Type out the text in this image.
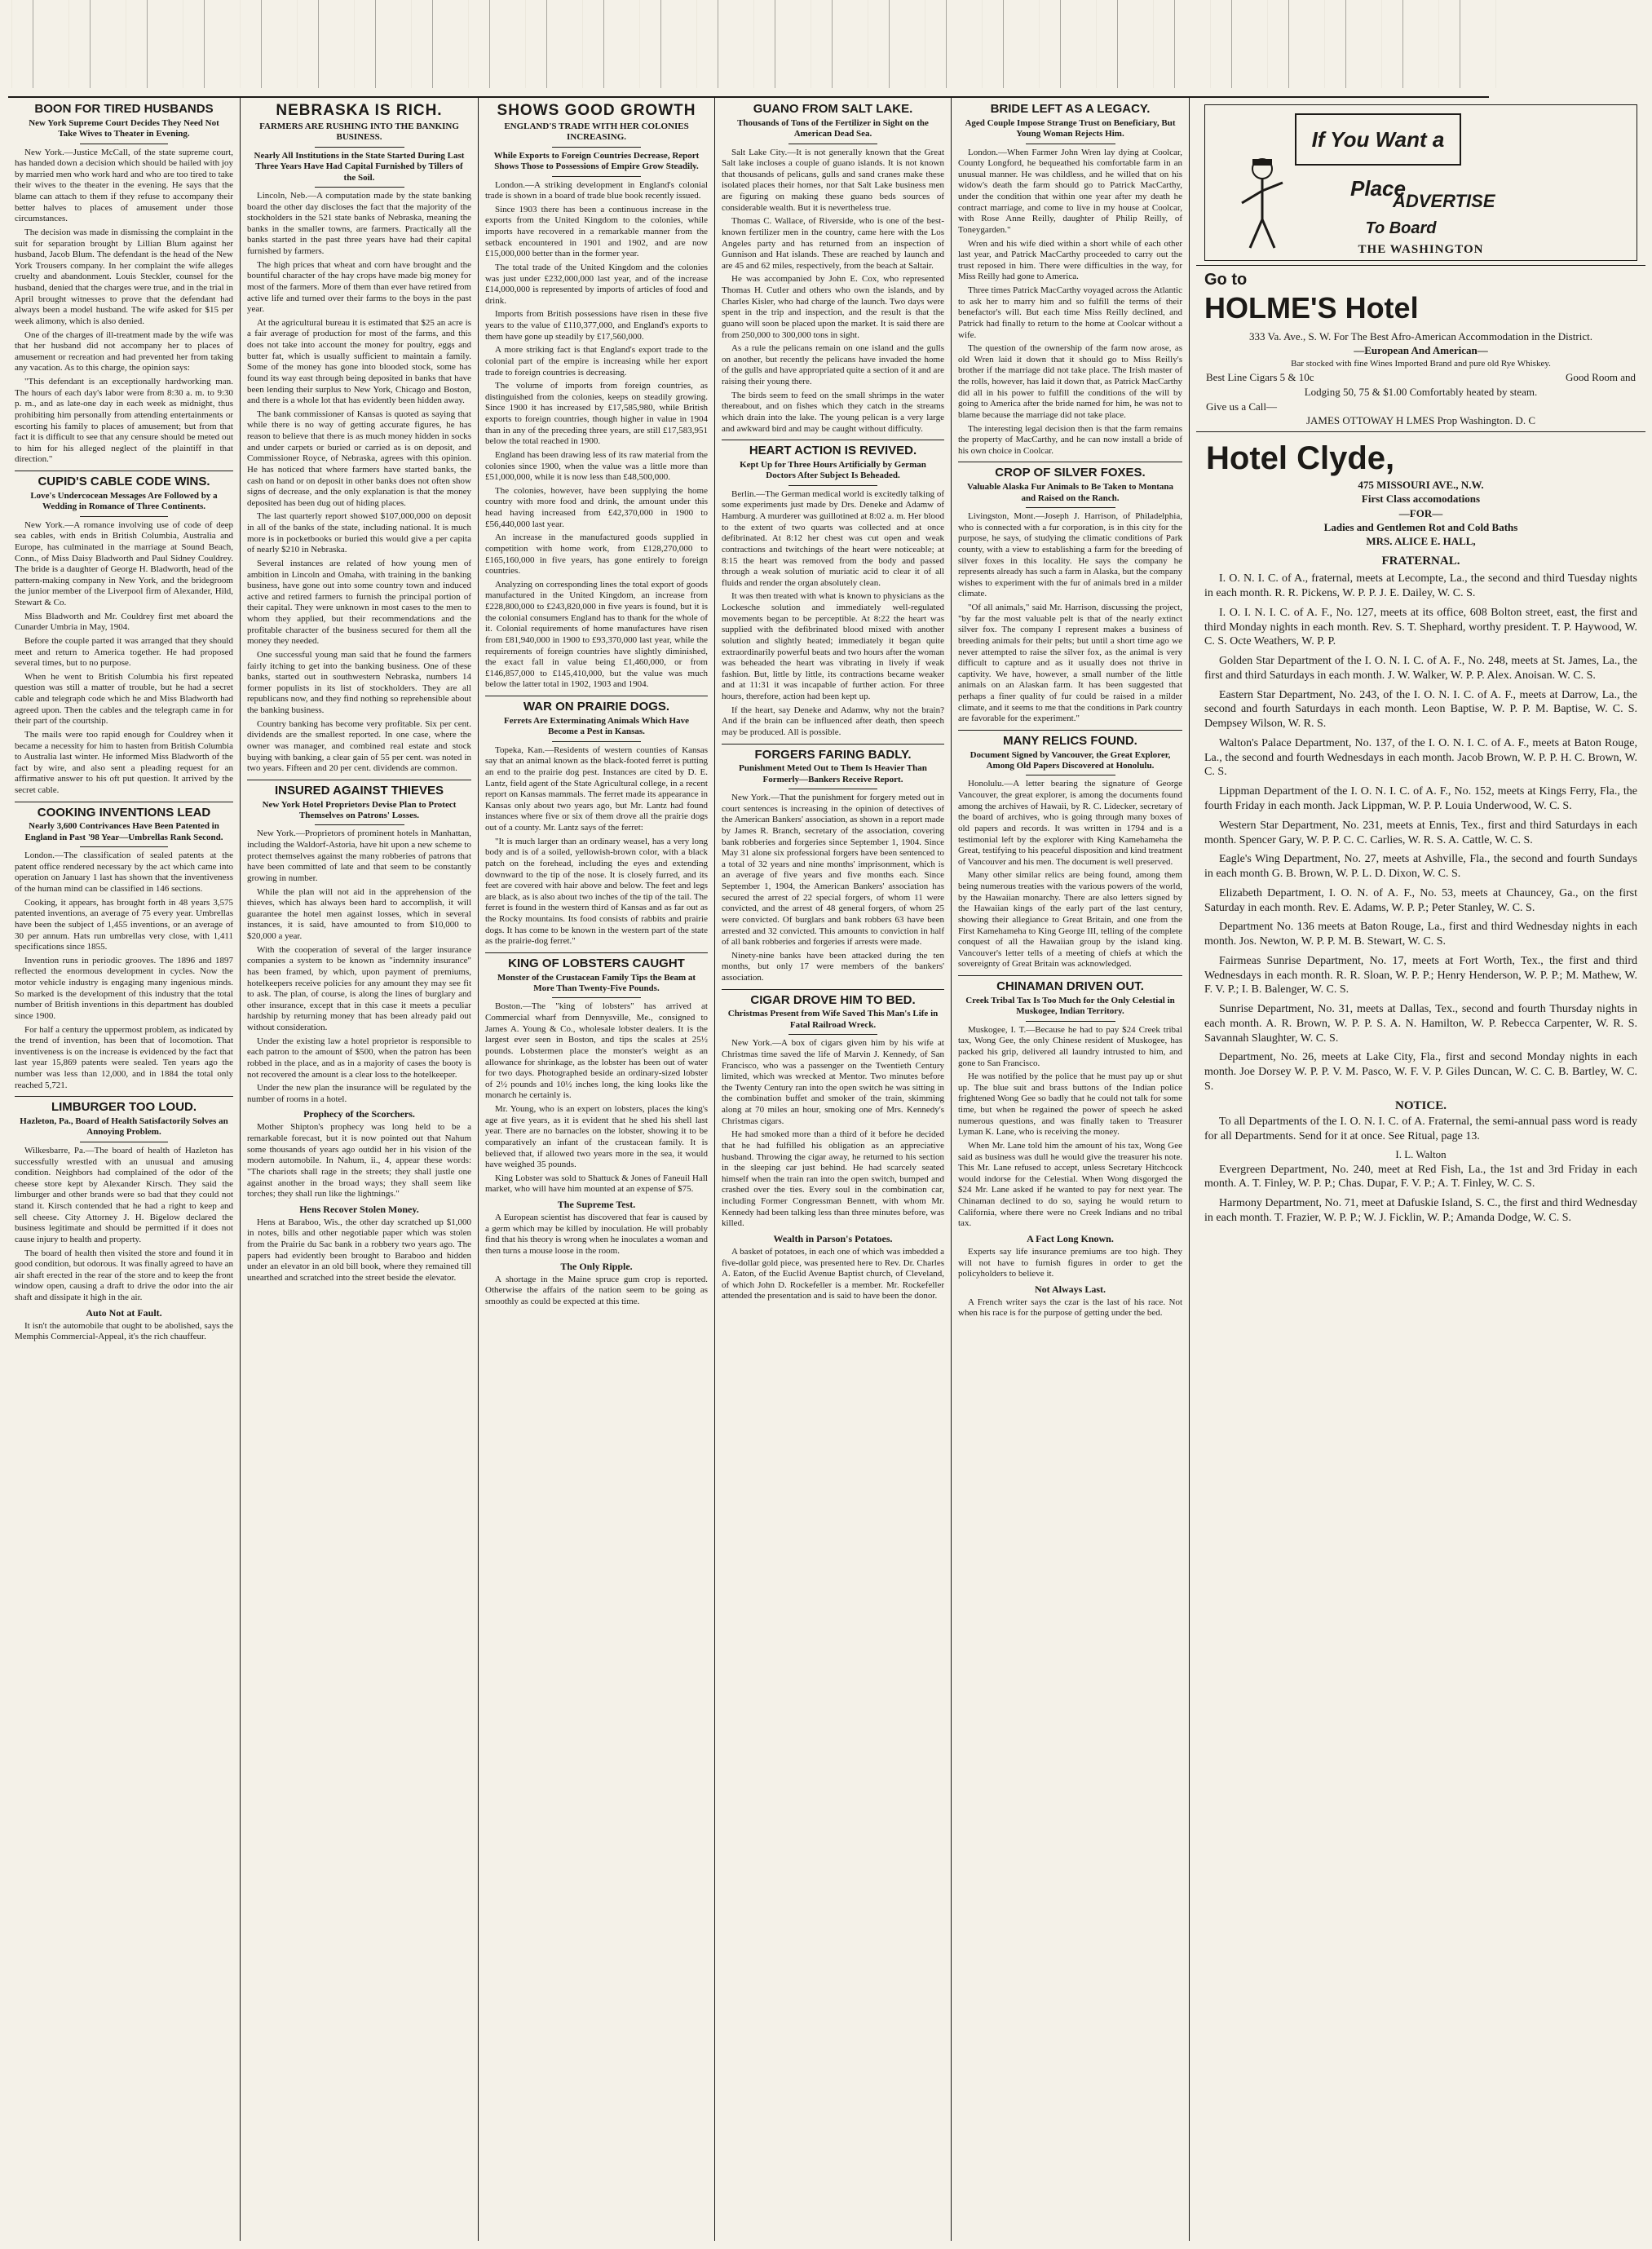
BOON FOR TIRED HUSBANDS
New York Supreme Court Decides They Need Not Take Wives to Theater in Evening.

New York.—Justice McCall, of the state supreme court, has handed down a decision which should be hailed with joy by married men who work hard and who are too tired to take their wives to the theater in the evening. He says that the blame can attach to them if they refuse to accompany their better halves to places of amusement under those circumstances.

The decision was made in dismissing the complaint in the suit for separation brought by Lillian Blum against her husband, Jacob Blum. The defendant is the head of the New York Trousers company. In her complaint the wife alleges cruelty and abandonment. Louis Steckler, counsel for the husband, denied that the charges were true, and in the trial in April brought witnesses to prove that the defendant had always been a model husband. The wife asked for $15 per week alimony, which is also denied.

One of the charges of ill-treatment made by the wife was that her husband did not accompany her to places of amusement or recreation and had prevented her from taking any vacation. As to this charge, the opinion says:

"This defendant is an exceptionally hardworking man. The hours of each day's labor were from 8:30 a. m. to 9:30 p. m., and as late-one day in each week as midnight, thus prohibiting him personally from attending entertainments or escorting his family to places of amusement; but from that fact it is difficult to see that any censure should be meted out to him for his alleged neglect of the plaintiff in that direction."

CUPID'S CABLE CODE WINS.
Love's Undercocean Messages Are Followed by a Wedding in Romance of Three Continents.

New York.—A romance involving use of code of deep sea cables, with ends in British Columbia, Australia and Europe, has culminated in the marriage at Sound Beach, Conn., of Miss Daisy Bladworth and Paul Sidney Couldrey. The bride is a daughter of George H. Bladworth, head of the pattern-making company in New York, and the bridegroom the junior member of the Liverpool firm of Alexander, Hild, Stewart & Co.

Miss Bladworth and Mr. Couldrey first met aboard the Cunarder Umbria in May, 1904.

Before the couple parted it was arranged that they should meet and return to America together. He had proposed several times, but to no purpose.

When he went to British Columbia his first repeated question was still a matter of trouble, but he had a secret cable and telegraph code which he and Miss Bladworth had agreed upon. Then the cables and the telegraph came in for their part of the courtship.

The mails were too rapid enough for Couldrey when it became a necessity for him to hasten from British Columbia to Australia last winter. He informed Miss Bladworth of the fact by wire, and also sent a pleading request for an affirmative answer to his oft put question. It arrived by the secret cable.

COOKING INVENTIONS LEAD
Nearly 3,600 Contrivances Have Been Patented in England in Past '98 Year—Umbrellas Rank Second.

London.—The classification of sealed patents at the patent office rendered necessary by the act which came into operation on January 1 last has shown that the inventiveness of the human mind can be classified in 146 sections.

Cooking, it appears, has brought forth in 48 years 3,575 patented inventions, an average of 75 every year. Umbrellas have been the subject of 1,455 inventions, or an average of 30 per annum. Hats run umbrellas very close, with 1,411 specifications since 1855.

Invention runs in periodic grooves. The 1896 and 1897 reflected the enormous development in cycles. Now the motor vehicle industry is engaging many ingenious minds. So marked is the development of this industry that the total number of British inventions in this department has doubled since 1900.

For half a century the uppermost problem, as indicated by the trend of invention, has been that of locomotion. That inventiveness is on the increase is evidenced by the fact that last year 15,869 patents were sealed. Ten years ago the number was less than 12,000, and in 1884 the total only reached 5,721.

LIMBURGER TOO LOUD.
Hazleton, Pa., Board of Health Satisfactorily Solves an Annoying Problem.

Wilkesbarre, Pa.—The board of health of Hazleton has successfully wrestled with an unusual and amusing condition. Neighbors had complained of the odor of the cheese store kept by Alexander Kirsch. They said the limburger and other brands were so bad that they could not stand it. Kirsch contended that he had a right to keep and sell cheese. City Attorney J. H. Bigelow declared the business legitimate and should be permitted if it does not cause injury to health and property.

The board of health then visited the store and found it in good condition, but odorous. It was finally agreed to have an air shaft erected in the rear of the store and to keep the front window open, causing a draft to drive the odor into the air shaft and dissipate it high in the air.

Auto Not at Fault.

It isn't the automobile that ought to be abolished, says the Memphis Commercial-Appeal, it's the rich chauffeur.

NEBRASKA IS RICH.
FARMERS ARE RUSHING INTO THE BANKING BUSINESS.
Nearly All Institutions in the State Started During Last Three Years Have Had Capital Furnished by Tillers of the Soil.

Lincoln, Neb.—A computation made by the state banking board the other day discloses the fact that the majority of the stockholders in the 521 state banks of Nebraska, meaning the banks in the smaller towns, are farmers. Practically all the banks started in the past three years have had their capital furnished by farmers.

The high prices that wheat and corn have brought and the bountiful character of the hay crops have made big money for most of the farmers. More of them than ever have retired from active life and turned over their farms to the boys in the past year.

At the agricultural bureau it is estimated that $25 an acre is a fair average of production for most of the farms, and this does not take into account the money for poultry, eggs and butter fat, which is usually sufficient to maintain a family. Some of the money has gone into blooded stock, some has found its way east through being deposited in banks that have been lending their surplus to New York, Chicago and Boston, and there is a whole lot that has evidently been hidden away.

The bank commissioner of Kansas is quoted as saying that while there is no way of getting accurate figures, he has reason to believe that there is as much money hidden in socks and under carpets or buried or carried as is on deposit, and Commissioner Royce, of Nebraska, agrees with this opinion. He has noticed that where farmers have started banks, the cash on hand or on deposit in other banks does not often show signs of decrease, and the only explanation is that the money deposited has been dug out of hiding places.

The last quarterly report showed $107,000,000 on deposit in all of the banks of the state, including national. It is much more is in pocketbooks or buried this would give a per capita of nearly $210 in Nebraska.

Several instances are related of how young men of ambition in Lincoln and Omaha, with training in the banking business, have gone out into some country town and induced active and retired farmers to furnish the principal portion of their capital. They were unknown in most cases to the men to whom they applied, but their recommendations and the profitable character of the business secured for them all the money they needed.

One successful young man said that he found the farmers fairly itching to get into the banking business. One of these banks, started out in southwestern Nebraska, numbers 14 former populists in its list of stockholders. They are all republicans now, and they find nothing so reprehensible about the banking business.

Country banking has become very profitable. Six per cent. dividends are the smallest reported. In one case, where the owner was manager, and combined real estate and stock buying with banking, a clear gain of 55 per cent. was noted in two years. Fifteen and 20 per cent. dividends are common.

INSURED AGAINST THIEVES
New York Hotel Proprietors Devise Plan to Protect Themselves on Patrons' Losses.

New York.—Proprietors of prominent hotels in Manhattan, including the Waldorf-Astoria, have hit upon a new scheme to protect themselves against the many robberies of patrons that have been committed of late and that seem to be constantly growing in number.

While the plan will not aid in the apprehension of the thieves, which has always been hard to accomplish, it will guarantee the hotel men against losses, which in several instances, it is said, have amounted to from $10,000 to $20,000 a year.

With the cooperation of several of the larger insurance companies a system to be known as "indemnity insurance" has been framed, by which, upon payment of premiums, hotelkeepers receive policies for any amount they may see fit to ask. The plan, of course, is along the lines of burglary and other insurance, except that in this case it meets a peculiar hardship by returning money that has been already paid out without consideration.

Under the existing law a hotel proprietor is responsible to each patron to the amount of $500, when the patron has been robbed in the place, and as in a majority of cases the booty is not recovered the amount is a clear loss to the hotelkeeper.

Under the new plan the insurance will be regulated by the number of rooms in a hotel.

Prophecy of the Scorchers.

Mother Shipton's prophecy was long held to be a remarkable forecast, but it is now pointed out that Nahum some thousands of years ago outdid her in his vision of the modern automobile. In Nahum, ii., 4, appear these words: "The chariots shall rage in the streets; they shall justle one against another in the broad ways; they shall seem like torches; they shall run like the lightnings."

Hens Recover Stolen Money.

Hens at Baraboo, Wis., the other day scratched up $1,000 in notes, bills and other negotiable paper which was stolen from the Prairie du Sac bank in a robbery two years ago. The papers had evidently been brought to Baraboo and hidden under an elevator in an old bill book, where they remained till unearthed and scratched into the street beside the elevator.

SHOWS GOOD GROWTH
ENGLAND'S TRADE WITH HER COLONIES INCREASING.
While Exports to Foreign Countries Decrease, Report Shows Those to Possessions of Empire Grow Steadily.

London.—A striking development in England's colonial trade is shown in a board of trade blue book recently issued.

Since 1903 there has been a continuous increase in the exports from the United Kingdom to the colonies, while imports have recovered in a remarkable manner from the setback encountered in 1901 and 1902, and are now £15,000,000 better than in the former year.

The total trade of the United Kingdom and the colonies was just under £232,000,000 last year, and of the increase £14,000,000 is represented by imports of articles of food and drink.

Imports from British possessions have risen in these five years to the value of £110,377,000, and England's exports to them have gone up steadily by £17,560,000.

A more striking fact is that England's export trade to the colonial part of the empire is increasing while her export trade to foreign countries is decreasing.

The volume of imports from foreign countries, as distinguished from the colonies, keeps on steadily growing. Since 1900 it has increased by £17,585,980, while British exports to foreign countries, though higher in value in 1904 than in any of the preceding three years, are still £17,583,951 below the total reached in 1900.

England has been drawing less of its raw material from the colonies since 1900, when the value was a little more than £51,000,000, while it is now less than £48,500,000.

The colonies, however, have been supplying the home country with more food and drink, the amount under this head having increased from £42,370,000 in 1900 to £56,440,000 last year.

An increase in the manufactured goods supplied in competition with home work, from £128,270,000 to £165,160,000 in five years, has gone entirely to foreign countries.

Analyzing on corresponding lines the total export of goods manufactured in the United Kingdom, an increase from £228,800,000 to £243,820,000 in five years is found, but it is the colonial consumers England has to thank for the whole of it. Colonial requirements of home manufactures have risen from £81,940,000 in 1900 to £93,370,000 last year, while the requirements of foreign countries have slightly diminished, the exact fall in value being £1,460,000, or from £146,857,000 to £145,410,000, but the value was much below the latter total in 1902, 1903 and 1904.

WAR ON PRAIRIE DOGS.
Ferrets Are Exterminating Animals Which Have Become a Pest in Kansas.

Topeka, Kan.—Residents of western counties of Kansas say that an animal known as the black-footed ferret is putting an end to the prairie dog pest. Instances are cited by D. E. Lantz, field agent of the State Agricultural college, in a recent report on Kansas mammals. The ferret made its appearance in Kansas only about two years ago, but Mr. Lantz had found instances where five or six of them drove all the prairie dogs out of a county. Mr. Lantz says of the ferret:

"It is much larger than an ordinary weasel, has a very long body and is of a soiled, yellowish-brown color, with a black patch on the forehead, including the eyes and extending downward to the tip of the nose. It is closely furred, and its feet are covered with hair above and below. The feet and legs are black, as is also about two inches of the tip of the tail. The ferret is found in the western third of Kansas and as far out as the Rocky mountains. Its food consists of rabbits and prairie dogs. It has come to be known in the western part of the state as the prairie-dog ferret."

KING OF LOBSTERS CAUGHT
Monster of the Crustacean Family Tips the Beam at More Than Twenty-Five Pounds.

Boston.—The "king of lobsters" has arrived at Commercial wharf from Dennysville, Me., consigned to James A. Young & Co., wholesale lobster dealers. It is the largest ever seen in Boston, and tips the scales at 25½ pounds. Lobstermen place the monster's weight as an allowance for shrinkage, as the lobster has been out of water for two days. Photographed beside an ordinary-sized lobster of 2½ pounds and 10½ inches long, the king looks like the monarch he certainly is.

Mr. Young, who is an expert on lobsters, places the king's age at five years, as it is evident that he shed his shell last year. There are no barnacles on the lobster, showing it to be comparatively an infant of the crustacean family. It is believed that, if allowed two years more in the sea, it would have weighed 35 pounds.

King Lobster was sold to Shattuck & Jones of Faneuil Hall market, who will have him mounted at an expense of $75.

The Supreme Test.

A European scientist has discovered that fear is caused by a germ which may be killed by inoculation. He will probably find that his theory is wrong when he inoculates a woman and then turns a mouse loose in the room.

The Only Ripple.

A shortage in the Maine spruce gum crop is reported. Otherwise the affairs of the nation seem to be going as smoothly as could be expected at this time.

GUANO FROM SALT LAKE.
Thousands of Tons of the Fertilizer in Sight on the American Dead Sea.

Salt Lake City.—It is not generally known that the Great Salt lake incloses a couple of guano islands. It is not known that thousands of pelicans, gulls and sand cranes make these isolated places their homes, nor that Salt Lake business men are figuring on making these guano beds sources of considerable wealth. But it is nevertheless true.

Thomas C. Wallace, of Riverside, who is one of the best-known fertilizer men in the country, came here with the Los Angeles party and has returned from an inspection of Gunnison and Hat islands. These are reached by launch and are 45 and 62 miles, respectively, from the beach at Saltair.

He was accompanied by John E. Cox, who represented Thomas H. Cutler and others who own the islands, and by Charles Kisler, who had charge of the launch. Two days were spent in the trip and inspection, and the result is that the guano will soon be placed upon the market. It is said there are from 250,000 to 300,000 tons in sight.

As a rule the pelicans remain on one island and the gulls on another, but recently the pelicans have invaded the home of the gulls and have appropriated quite a section of it and are raising their young there.

The birds seem to feed on the small shrimps in the water thereabout, and on fishes which they catch in the streams which drain into the lake. The young pelican is a very large and awkward bird and may be caught without difficulty.

HEART ACTION IS REVIVED.
Kept Up for Three Hours Artificially by German Doctors After Subject Is Beheaded.

Berlin.—The German medical world is excitedly talking of some experiments just made by Drs. Deneke and Adamw of Hamburg. A murderer was guillotined at 8:02 a. m. Her blood to the extent of two quarts was collected and at once defibrinated. At 8:12 her chest was cut open and weak contractions and twitchings of the heart were noticeable; at 8:15 the heart was removed from the body and passed through a weak solution of muriatic acid to clear it of all fluids and render the organ absolutely clean.

It was then treated with what is known to physicians as the Lockesche solution and immediately well-regulated movements began to be perceptible. At 8:22 the heart was supplied with the defibrinated blood mixed with another solution and slightly heated; immediately it began quite extraordinarily powerful beats and two hours after the woman was beheaded the heart was vibrating in lively if weak fashion. But, little by little, its contractions became weaker and at 11:31 it was incapable of further action. For three hours, therefore, action had been kept up.

If the heart, say Deneke and Adamw, why not the brain? And if the brain can be influenced after death, then speech may be produced. All is possible.

FORGERS FARING BADLY.
Punishment Meted Out to Them Is Heavier Than Formerly—Bankers Receive Report.

New York.—That the punishment for forgery meted out in court sentences is increasing in the opinion of detectives of the American Bankers' association, as shown in a report made by James R. Branch, secretary of the association, covering bank robberies and forgeries since September 1, 1904. Since May 31 alone six professional forgers have been sentenced to a total of 32 years and nine months' imprisonment, which is an average of five years and five months each. Since September 1, 1904, the American Bankers' association has secured the arrest of 22 special forgers, of whom 11 were convicted, and the arrest of 48 general forgers, of whom 25 were convicted. Of burglars and bank robbers 63 have been arrested and 32 convicted. This amounts to conviction in half of all bank robberies and forgeries if arrests were made.

Ninety-nine banks have been attacked during the ten months, but only 17 were members of the bankers' association.

CIGAR DROVE HIM TO BED.
Christmas Present from Wife Saved This Man's Life in Fatal Railroad Wreck.

New York.—A box of cigars given him by his wife at Christmas time saved the life of Marvin J. Kennedy, of San Francisco, who was a passenger on the Twentieth Century limited, which was wrecked at Mentor. Two minutes before the Twenty Century ran into the open switch he was sitting in the combination buffet and smoker of the train, skimming along at 70 miles an hour, smoking one of Mrs. Kennedy's Christmas cigars.

He had smoked more than a third of it before he decided that he had fulfilled his obligation as an appreciative husband. Throwing the cigar away, he returned to his section in the sleeping car just behind. He had scarcely seated himself when the train ran into the open switch, bumped and crashed over the ties. Every soul in the combination car, including Former Congressman Bennett, with whom Mr. Kennedy had been talking less than three minutes before, was killed.

Wealth in Parson's Potatoes.

A basket of potatoes, in each one of which was imbedded a five-dollar gold piece, was presented here to Rev. Dr. Charles A. Eaton, of the Euclid Avenue Baptist church, of Cleveland, of which John D. Rockefeller is a member. Mr. Rockefeller attended the presentation and is said to have been the donor.

BRIDE LEFT AS A LEGACY.
Aged Couple Impose Strange Trust on Beneficiary, But Young Woman Rejects Him.

London.—When Farmer John Wren lay dying at Coolcar, County Longford, he bequeathed his comfortable farm in an unusual manner. He was childless, and he willed that on his widow's death the farm should go to Patrick MacCarthy, under the condition that within one year after my death he contract marriage, and come to live in my house at Coolcar, with Rose Anne Reilly, daughter of Philip Reilly, of Toneygarden."

Wren and his wife died within a short while of each other last year, and Patrick MacCarthy proceeded to carry out the trust reposed in him. There were difficulties in the way, for Miss Reilly had gone to America.

Three times Patrick MacCarthy voyaged across the Atlantic to ask her to marry him and so fulfill the terms of their benefactor's will. But each time Miss Reilly declined, and Patrick had finally to return to the home at Coolcar without a wife.

The question of the ownership of the farm now arose, as old Wren laid it down that it should go to Miss Reilly's brother if the marriage did not take place. The Irish master of the rolls, however, has laid it down that, as Patrick MacCarthy did all in his power to fulfill the conditions of the will by going to America after the bride named for him, he was not to blame because the marriage did not take place.

The interesting legal decision then is that the farm remains the property of MacCarthy, and he can now install a bride of his own choice in Coolcar.

CROP OF SILVER FOXES.
Valuable Alaska Fur Animals to Be Taken to Montana and Raised on the Ranch.

Livingston, Mont.—Joseph J. Harrison, of Philadelphia, who is connected with a fur corporation, is in this city for the purpose, he says, of studying the climatic conditions of Park county, with a view to establishing a farm for the breeding of silver foxes in this locality. He says the company he represents already has such a farm in Alaska, but the company wishes to experiment with the fur of animals bred in a milder climate.

"Of all animals," said Mr. Harrison, discussing the project, "by far the most valuable pelt is that of the nearly extinct silver fox. The company I represent makes a business of breeding animals for their pelts; but until a short time ago we never attempted to raise the silver fox, as the animal is very difficult to capture and as it usually does not thrive in captivity. We have, however, a small number of the little animals on an Alaskan farm. It has been suggested that perhaps a finer quality of fur could be raised in a milder climate, and it seems to me that the conditions in Park country are favorable for the experiment."

MANY RELICS FOUND.
Document Signed by Vancouver, the Great Explorer, Among Old Papers Discovered at Honolulu.

Honolulu.—A letter bearing the signature of George Vancouver, the great explorer, is among the documents found among the archives of Hawaii, by R. C. Lidecker, secretary of the board of archives, who is going through many boxes of old papers and records. It was written in 1794 and is a testimonial left by the explorer with King Kamehameha the Great, testifying to his peaceful disposition and kind treatment of Vancouver and his men. The document is well preserved.

Many other similar relics are being found, among them being numerous treaties with the various powers of the world, by the Hawaiian monarchy. There are also letters signed by the Hawaiian kings of the early part of the last century, showing their allegiance to Great Britain, and one from the First Kamehameha to King George III, telling of the complete conquest of all the Hawaiian group by the island king. Vancouver's letter tells of a meeting of chiefs at which the sovereignty of Great Britain was acknowledged.

CHINAMAN DRIVEN OUT.
Creek Tribal Tax Is Too Much for the Only Celestial in Muskogee, Indian Territory.

Muskogee, I. T.—Because he had to pay $24 Creek tribal tax, Wong Gee, the only Chinese resident of Muskogee, has packed his grip, delivered all laundry intrusted to him, and gone to San Francisco.

He was notified by the police that he must pay up or shut up. The blue suit and brass buttons of the Indian police frightened Wong Gee so badly that he could not talk for some time, but when he regained the power of speech he asked numerous questions, and was finally taken to Treasurer Lyman K. Lane, who is receiving the money.

When Mr. Lane told him the amount of his tax, Wong Gee said as business was dull he would give the treasurer his note. This Mr. Lane refused to accept, unless Secretary Hitchcock would indorse for the Celestial. When Wong disgorged the $24 Mr. Lane asked if he wanted to pay for next year. The Chinaman declined to do so, saying he would return to California, where there were no Creek Indians and no tribal tax.

A Fact Long Known.

Experts say life insurance premiums are too high. They will not have to furnish figures in order to get the policyholders to believe it.

Not Always Last.

A French writer says the czar is the last of his race. Not when his race is for the purpose of getting under the bed.

If You Want a Place
ADVERTISE
To Board
THE WASHINGTON
Go to
HOLME'S Hotel
333 Va. Ave., S. W. For The Best Afro-American Accommodation in the District.
—European And American—
Bar stocked with fine Wines Imported Brand and pure old Rye Whiskey.
Best Line Cigars 5 & 10c	Good Room and
Lodging 50, 75 & $1.00 Comfortably heated by steam.
Give us a Call—
JAMES OTTOWAY H LMES Prop Washington. D. C
Hotel Clyde,
475 MISSOURI AVE., N.W.
First Class accomodations
—FOR—
Ladies and Gentlemen Rot and Cold Baths
MRS. ALICE E. HALL,
FRATERNAL.

I. O. N. I. C. of A., fraternal, meets at Lecompte, La., the second and third Tuesday nights in each month. R. R. Pickens, W. P. P. J. E. Dailey, W. C. S.

I. O. I. N. I. C. of A. F., No. 127, meets at its office, 608 Bolton street, east, the first and third Monday nights in each month. Rev. S. T. Shephard, worthy president. T. P. Haywood, W. C. S. Octe Weathers, W. P. P.

Golden Star Department of the I. O. N. I. C. of A. F., No. 248, meets at St. James, La., the first and third Saturdays in each month. J. W. Walker, W. P. P. Alex. Anoisan. W. C. S.

Eastern Star Department, No. 243, of the I. O. N. I. C. of A. F., meets at Darrow, La., the second and fourth Saturdays in each month. Leon Baptise, W. P. P. M. Baptise, W. C. S. Dempsey Wilson, W. R. S.

Walton's Palace Department, No. 137, of the I. O. N. I. C. of A. F., meets at Baton Rouge, La., the second and fourth Wednesdays in each month. Jacob Brown, W. P. P. H. C. Brown, W. C. S.

Lippman Department of the I. O. N. I. C. of A. F., No. 152, meets at Kings Ferry, Fla., the fourth Friday in each month. Jack Lippman, W. P. P. Louia Underwood, W. C. S.

Western Star Department, No. 231, meets at Ennis, Tex., first and third Saturdays in each month. Spencer Gary, W. P. P. C. C. Carlies, W. R. S. A. Cattle, W. C. S.

Eagle's Wing Department, No. 27, meets at Ashville, Fla., the second and fourth Sundays in each month G. B. Brown, W. P. L. D. Dixon, W. C. S.

Elizabeth Department, I. O. N. of A. F., No. 53, meets at Chauncey, Ga., on the first Saturday in each month. Rev. E. Adams, W. P. P.; Peter Stanley, W. C. S.

Department No. 136 meets at Baton Rouge, La., first and third Wednesday nights in each month. Jos. Newton, W. P. P. M. B. Stewart, W. C. S.

Fairmeas Sunrise Department, No. 17, meets at Fort Worth, Tex., the first and third Wednesdays in each month. R. R. Sloan, W. P. P.; Henry Henderson, W. P. P.; M. Mathew, W. F. V. P.; I. B. Balenger, W. C. S.

Sunrise Department, No. 31, meets at Dallas, Tex., second and fourth Thursday nights in each month. A. R. Brown, W. P. P. S. A. N. Hamilton, W. P. Rebecca Carpenter, W. R. S. Savannah Slaughter, W. C. S.

Department, No. 26, meets at Lake City, Fla., first and second Monday nights in each month. Joe Dorsey W. P. P. V. M. Pasco, W. F. V. P. Giles Duncan, W. C. C. B. Bartley, W. C. S.

NOTICE.

To all Departments of the I. O. N. I. C. of A. Fraternal, the semi-annual pass word is ready for all Departments. Send for it at once. See Ritual, page 13.

I. L. Walton

Evergreen Department, No. 240, meet at Red Fish, La., the 1st and 3rd Friday in each month. A. T. Finley, W. P. P.; Chas. Dupar, F. V. P.; A. T. Finley, W. C. S.

Harmony Department, No. 71, meet at Dafuskie Island, S. C., the first and third Wednesday in each month. T. Frazier, W. P. P.; W. J. Ficklin, W. P.; Amanda Dodge, W. C. S.
